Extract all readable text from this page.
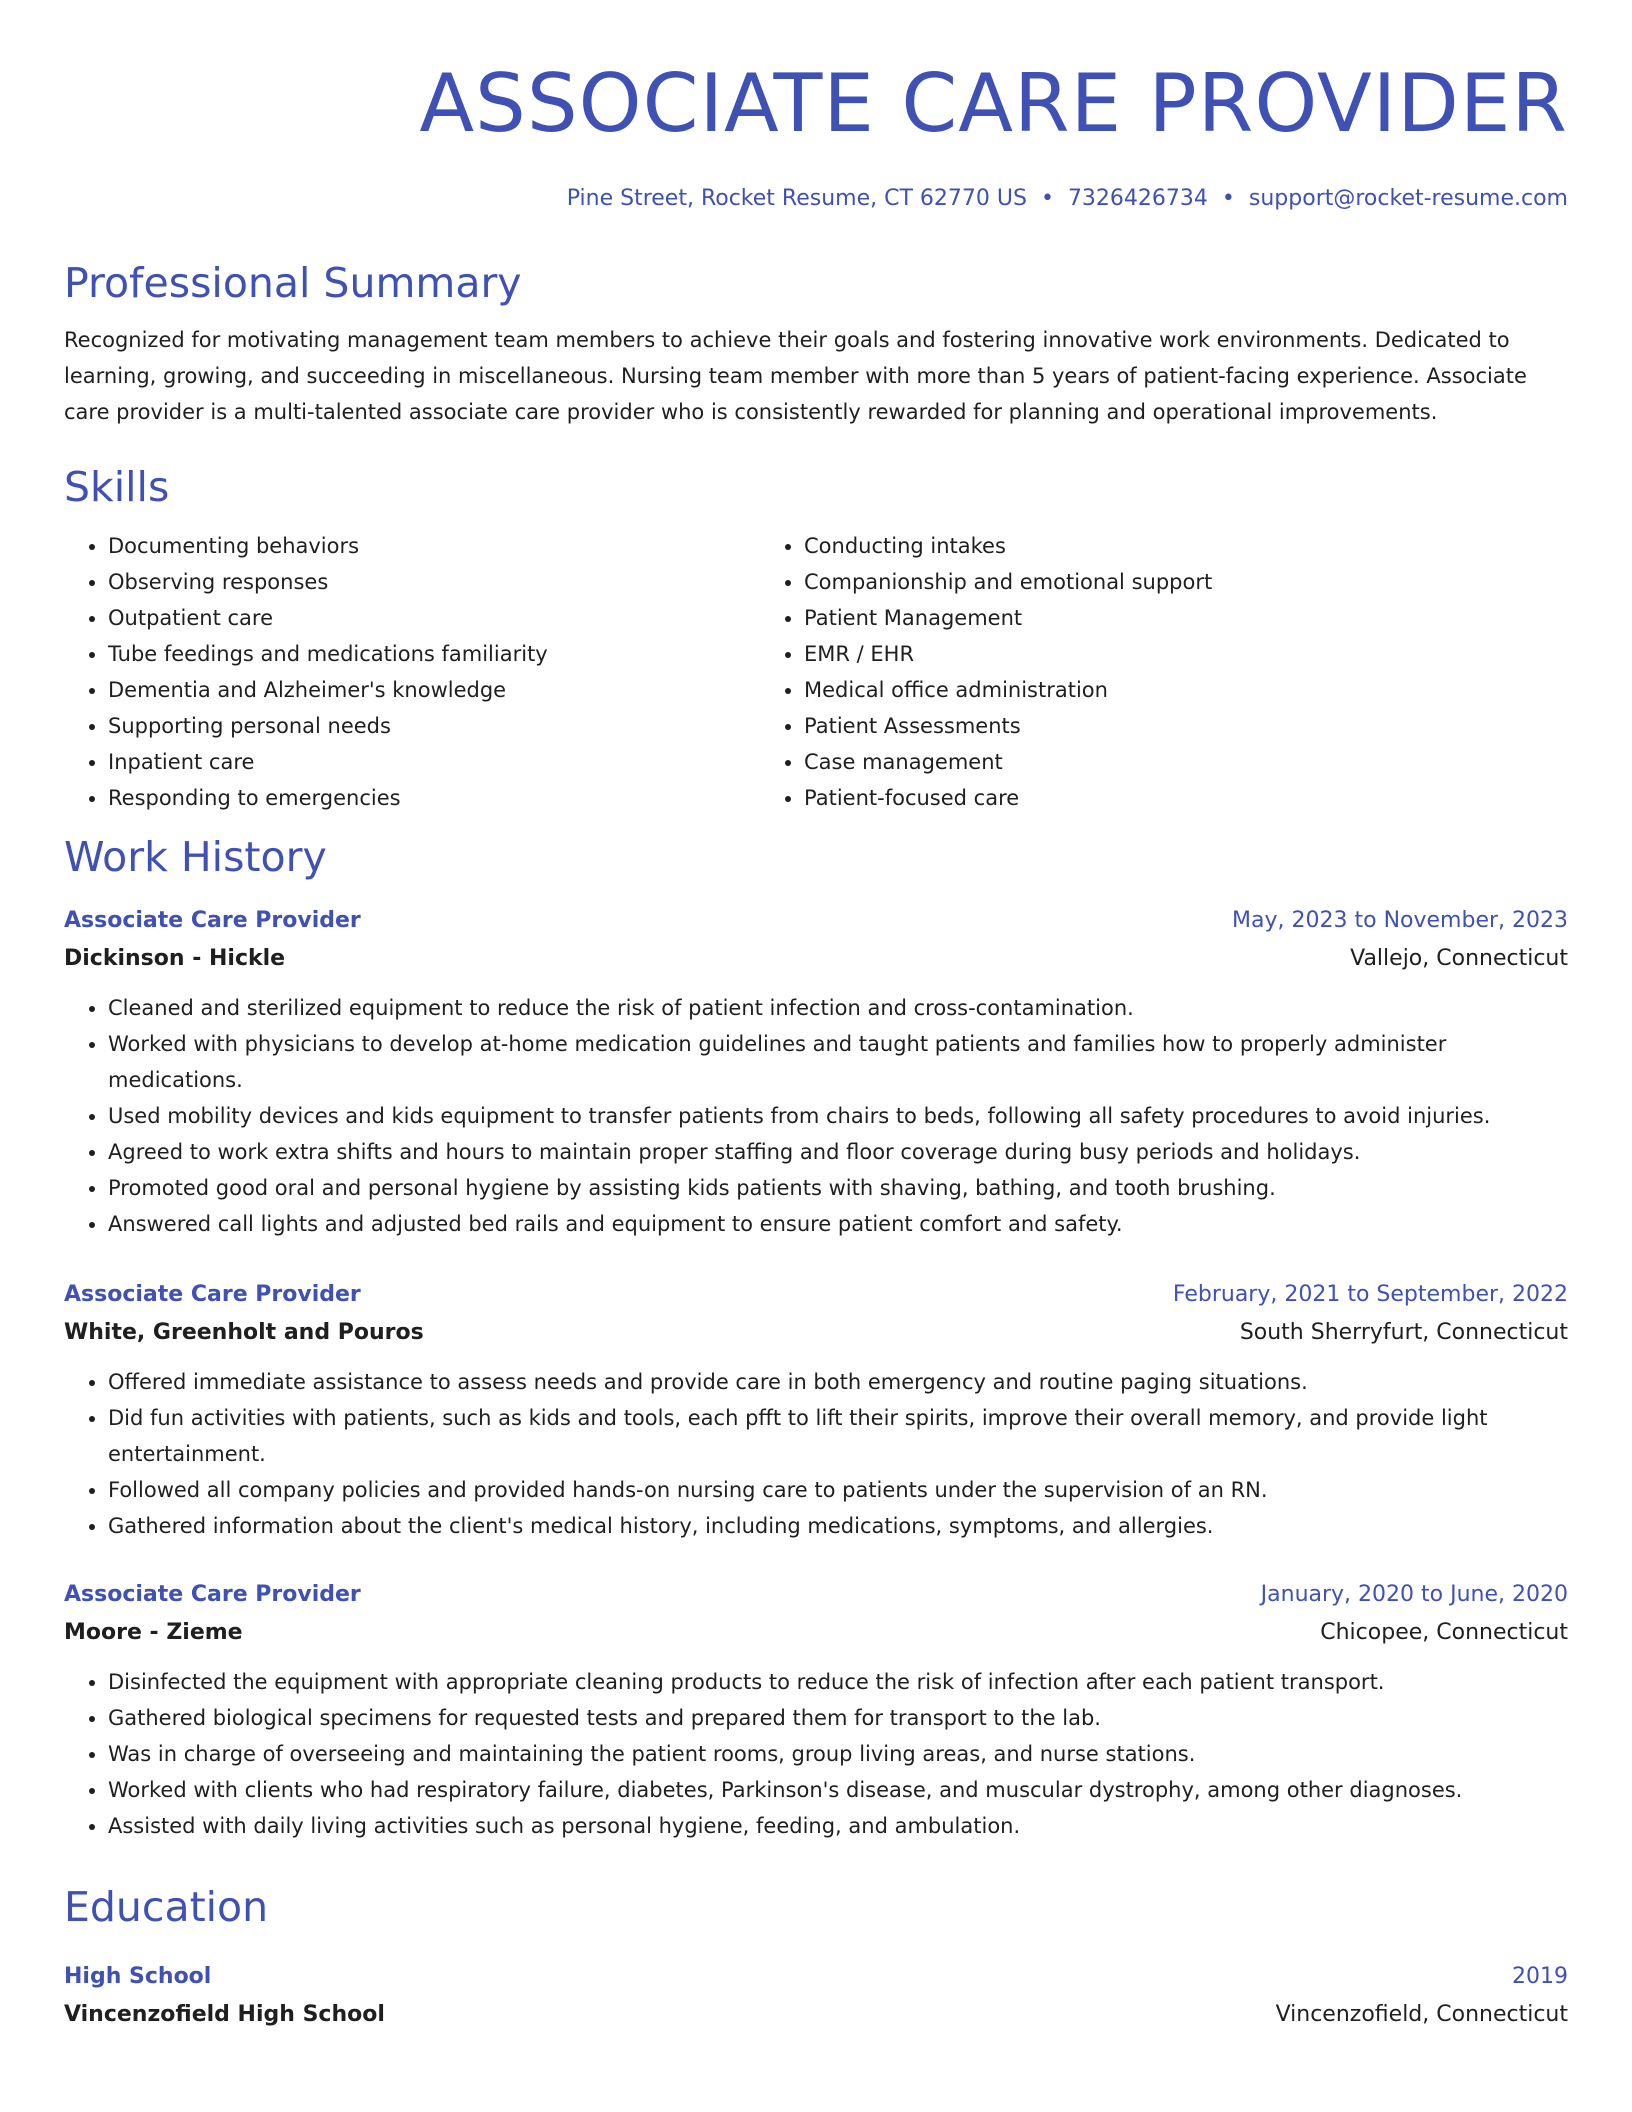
ASSOCIATE CARE PROVIDER
Pine Street, Rocket Resume, CT 62770 US • 7326426734 • support@rocket-resume.com
Professional Summary
Recognized for motivating management team members to achieve their goals and fostering innovative work environments. Dedicated to learning, growing, and succeeding in miscellaneous. Nursing team member with more than 5 years of patient-facing experience. Associate care provider is a multi-talented associate care provider who is consistently rewarded for planning and operational improvements.
Skills
• Documenting behaviors
• Observing responses
• Outpatient care
• Tube feedings and medications familiarity
• Dementia and Alzheimer's knowledge
• Supporting personal needs
• Inpatient care
• Responding to emergencies
• Conducting intakes
• Companionship and emotional support
• Patient Management
• EMR / EHR
• Medical office administration
• Patient Assessments
• Case management
• Patient-focused care
Work History
Associate Care Provider	May, 2023 to November, 2023
Dickinson - Hickle	Vallejo, Connecticut
• Cleaned and sterilized equipment to reduce the risk of patient infection and cross-contamination.
• Worked with physicians to develop at-home medication guidelines and taught patients and families how to properly administer medications.
• Used mobility devices and kids equipment to transfer patients from chairs to beds, following all safety procedures to avoid injuries.
• Agreed to work extra shifts and hours to maintain proper staffing and floor coverage during busy periods and holidays.
• Promoted good oral and personal hygiene by assisting kids patients with shaving, bathing, and tooth brushing.
• Answered call lights and adjusted bed rails and equipment to ensure patient comfort and safety.
Associate Care Provider	February, 2021 to September, 2022
White, Greenholt and Pouros	South Sherryfurt, Connecticut
• Offered immediate assistance to assess needs and provide care in both emergency and routine paging situations.
• Did fun activities with patients, such as kids and tools, each pfft to lift their spirits, improve their overall memory, and provide light entertainment.
• Followed all company policies and provided hands-on nursing care to patients under the supervision of an RN.
• Gathered information about the client's medical history, including medications, symptoms, and allergies.
Associate Care Provider	January, 2020 to June, 2020
Moore - Zieme	Chicopee, Connecticut
• Disinfected the equipment with appropriate cleaning products to reduce the risk of infection after each patient transport.
• Gathered biological specimens for requested tests and prepared them for transport to the lab.
• Was in charge of overseeing and maintaining the patient rooms, group living areas, and nurse stations.
• Worked with clients who had respiratory failure, diabetes, Parkinson's disease, and muscular dystrophy, among other diagnoses.
• Assisted with daily living activities such as personal hygiene, feeding, and ambulation.
Education
High School	2019
Vincenzofield High School	Vincenzofield, Connecticut
